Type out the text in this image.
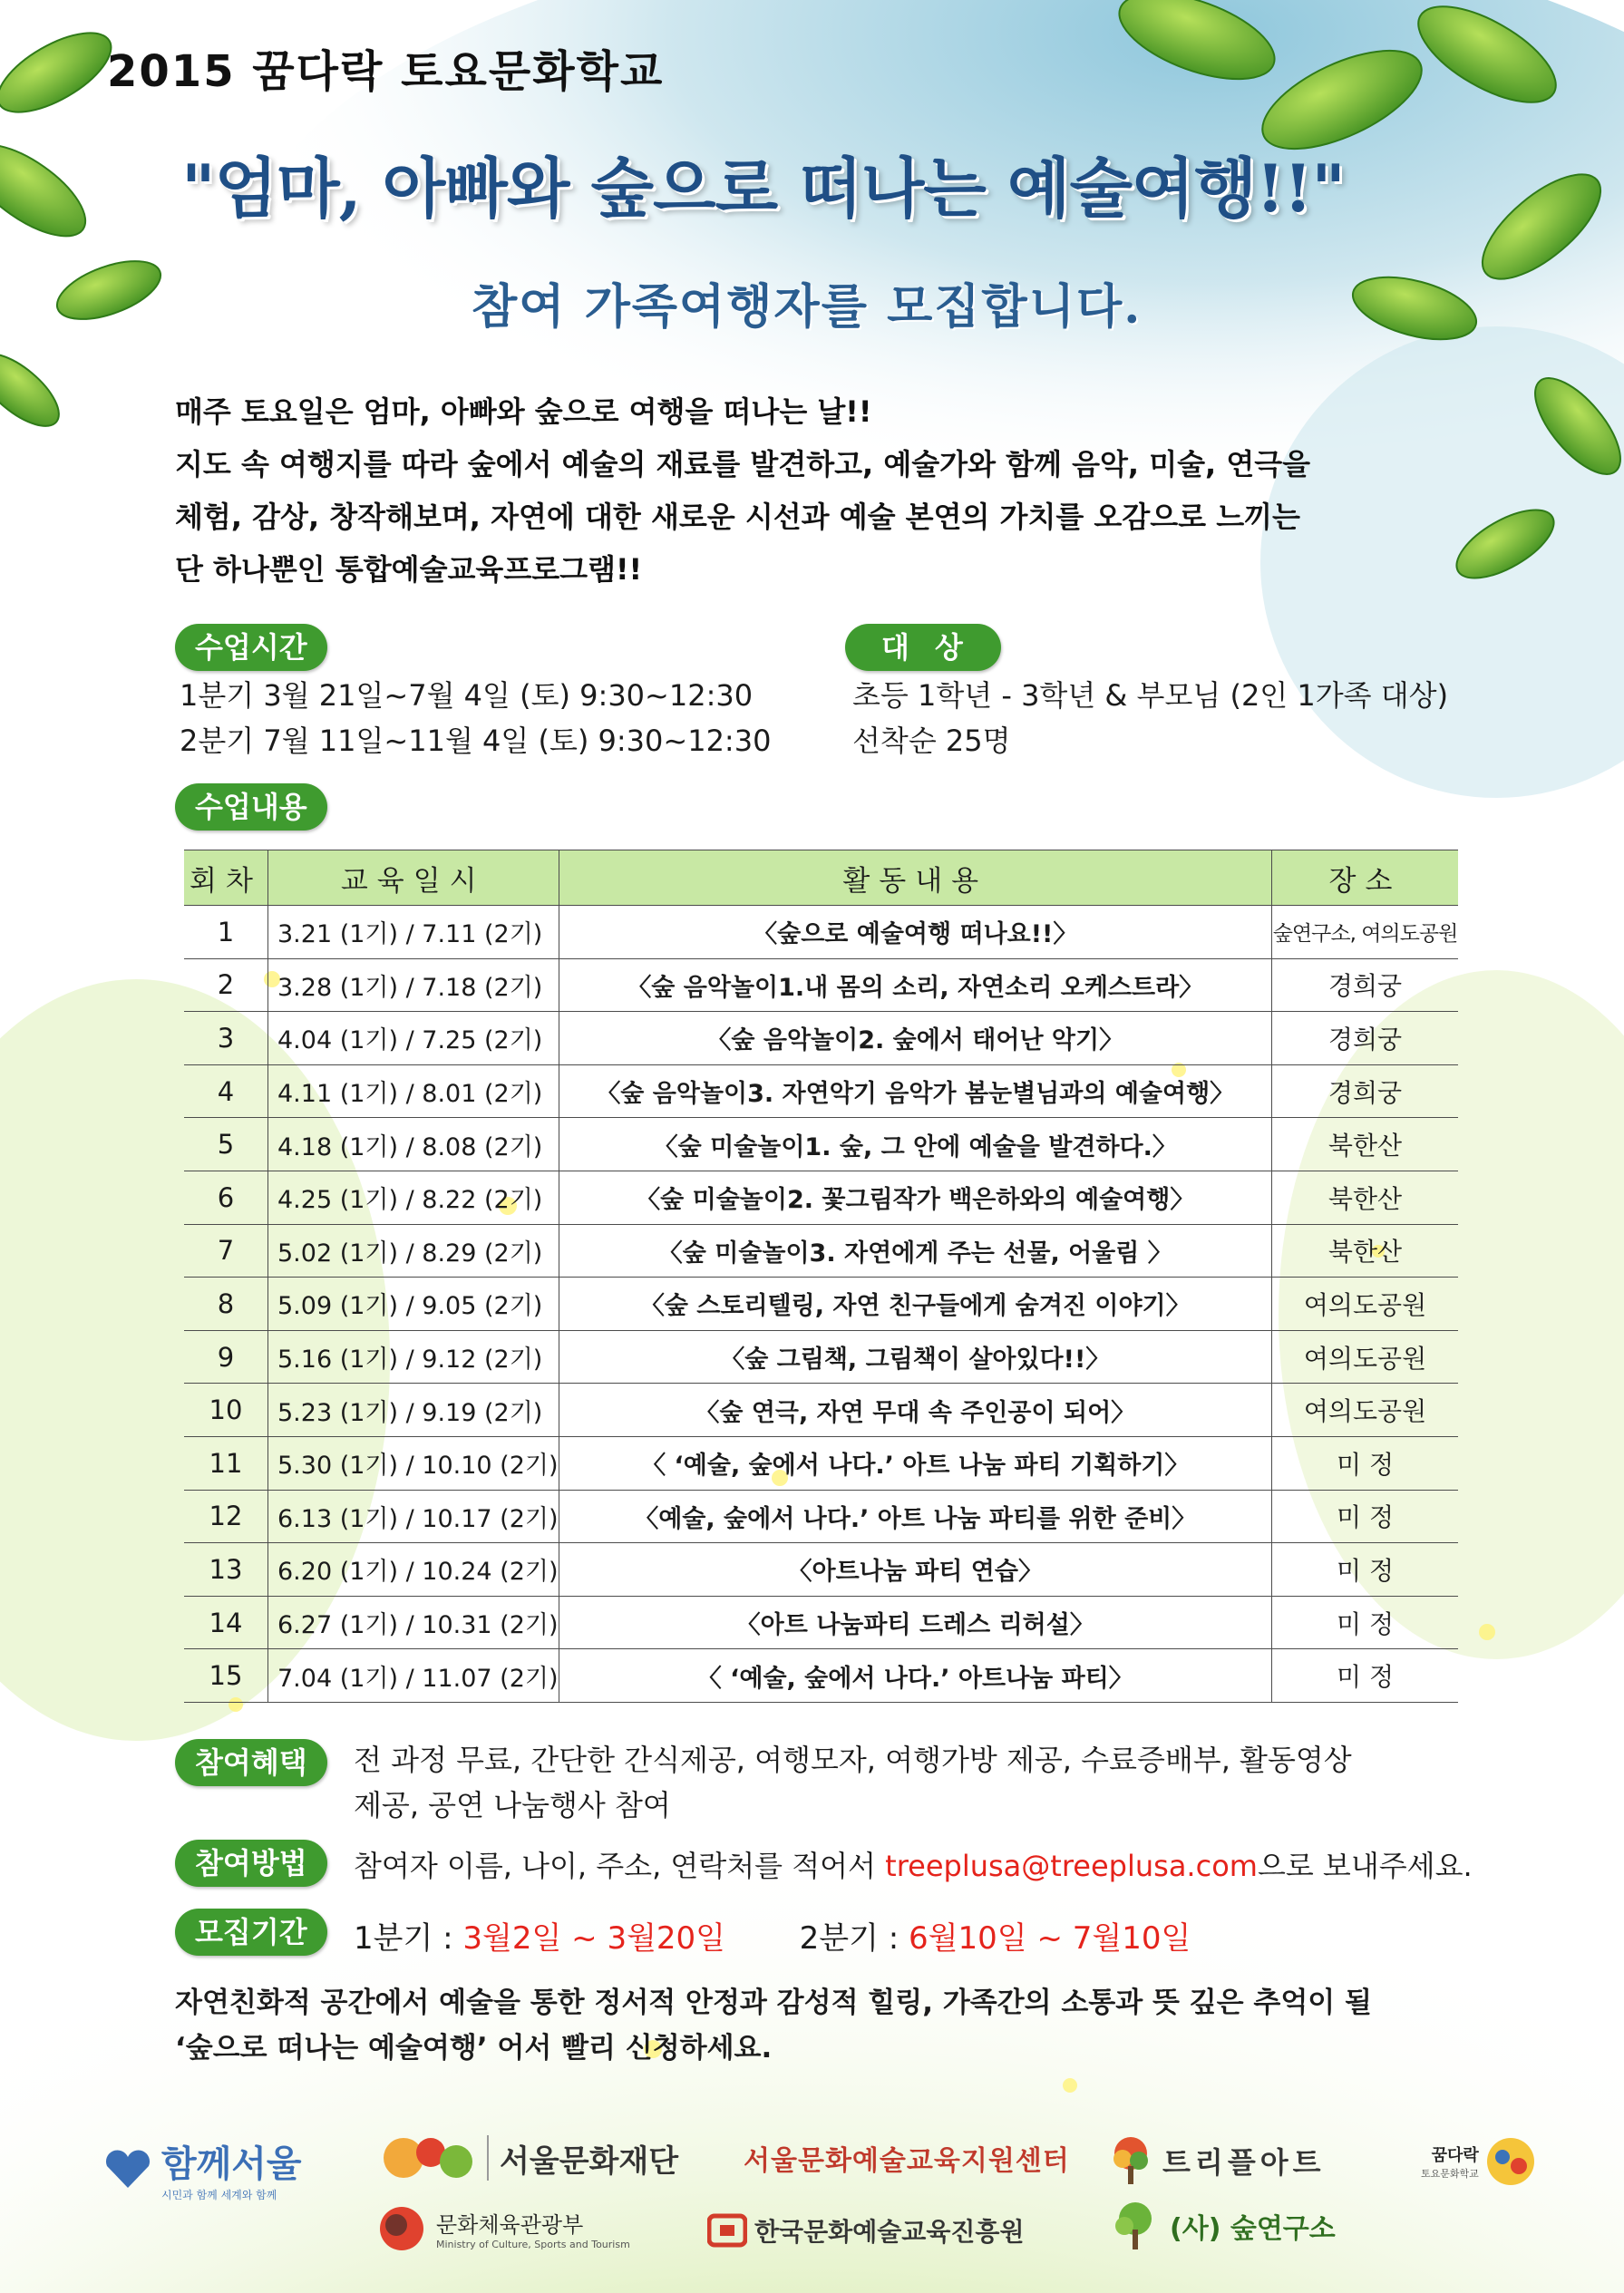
2015 꿈다락 토요문화학교
"엄마, 아빠와 숲으로 떠나는 예술여행!!"
참여 가족여행자를 모집합니다.

매주 토요일은 엄마, 아빠와 숲으로 여행을 떠나는 날!!

지도 속 여행지를 따라 숲에서 예술의 재료를 발견하고, 예술가와 함께 음악, 미술, 연극을

체험, 감상, 창작해보며, 자연에 대한 새로운 시선과 예술 본연의 가치를 오감으로 느끼는

단 하나뿐인 통합예술교육프로그램!!

수업시간
1분기 3월 21일~7월 4일 (토) 9:30~12:30
2분기 7월 11일~11월 4일 (토) 9:30~12:30
대상
초등 1학년 - 3학년 & 부모님 (2인 1가족 대상)
선착순 25명
수업내용
회차	교육일시	활동내용	장소
1	3.21 (1기) / 7.11 (2기)	〈숲으로 예술여행 떠나요!!〉	숲연구소, 여의도공원
2	3.28 (1기) / 7.18 (2기)	〈숲 음악놀이1.내 몸의 소리, 자연소리 오케스트라〉	경희궁
3	4.04 (1기) / 7.25 (2기)	〈숲 음악놀이2. 숲에서 태어난 악기〉	경희궁
4	4.11 (1기) / 8.01 (2기)	〈숲 음악놀이3. 자연악기 음악가 봄눈별님과의 예술여행〉	경희궁
5	4.18 (1기) / 8.08 (2기)	〈숲 미술놀이1. 숲, 그 안에 예술을 발견하다.〉	북한산
6	4.25 (1기) / 8.22 (2기)	〈숲 미술놀이2. 꽃그림작가 백은하와의 예술여행〉	북한산
7	5.02 (1기) / 8.29 (2기)	〈숲 미술놀이3. 자연에게 주는 선물, 어울림 〉	북한산
8	5.09 (1기) / 9.05 (2기)	〈숲 스토리텔링, 자연 친구들에게 숨겨진 이야기〉	여의도공원
9	5.16 (1기) / 9.12 (2기)	〈숲 그림책, 그림책이 살아있다!!〉	여의도공원
10	5.23 (1기) / 9.19 (2기)	〈숲 연극, 자연 무대 속 주인공이 되어〉	여의도공원
11	5.30 (1기) / 10.10 (2기)	〈 ‘예술, 숲에서 나다.’ 아트 나눔 파티 기획하기〉	미 정
12	6.13 (1기) / 10.17 (2기)	〈예술, 숲에서 나다.’ 아트 나눔 파티를 위한 준비〉	미 정
13	6.20 (1기) / 10.24 (2기)	〈아트나눔 파티 연습〉	미 정
14	6.27 (1기) / 10.31 (2기)	〈아트 나눔파티 드레스 리허설〉	미 정
15	7.04 (1기) / 11.07 (2기)	〈 ‘예술, 숲에서 나다.’ 아트나눔 파티〉	미 정
참여혜택	전 과정 무료, 간단한 간식제공, 여행모자, 여행가방 제공, 수료증배부, 활동영상
제공, 공연 나눔행사 참여
참여방법	참여자 이름, 나이, 주소, 연락처를 적어서 treeplusa@treeplusa.com으로 보내주세요.
모집기간	1분기 : 3월2일 ~ 3월20일 2분기 : 6월10일 ~ 7월10일

자연친화적 공간에서 예술을 통한 정서적 안정과 감성적 힐링, 가족간의 소통과 뜻 깊은 추억이 될

‘숲으로 떠나는 예술여행’ 어서 빨리 신청하세요.

함께서울
시민과 함께 세계와 함께
서울문화재단 서울문화예술교육지원센터	트리플아트	꿈다락
토요문화학교
문화체육관광부
Ministry of Culture, Sports and Tourism	한국문화예술교육진흥원	(사) 숲연구소
